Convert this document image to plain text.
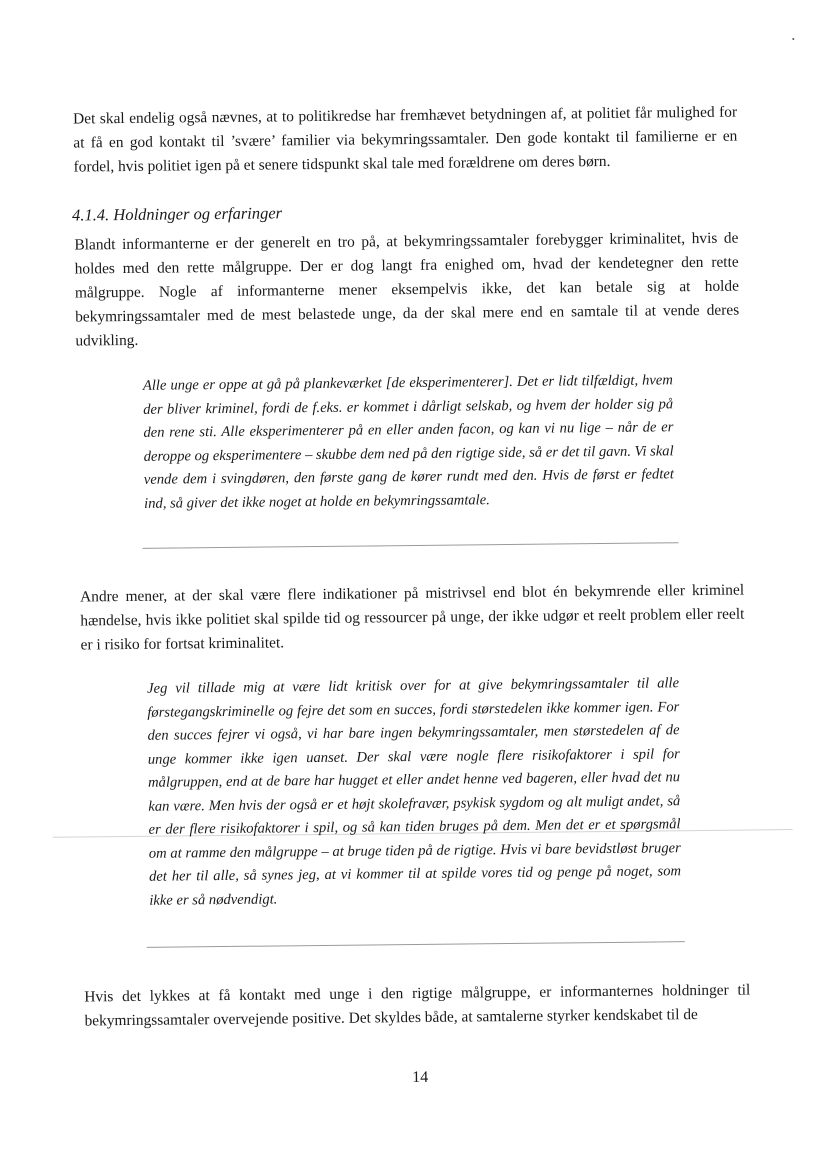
Det skal endelig også nævnes, at to politikredse har fremhævet betydningen af, at politiet får mulighed for at få en god kontakt til ’svære’ familier via bekymringssamtaler. Den gode kontakt til familierne er en fordel, hvis politiet igen på et senere tidspunkt skal tale med forældrene om deres børn.

4.1.4. Holdninger og erfaringer

Blandt informanterne er der generelt en tro på, at bekymringssamtaler forebygger kriminalitet, hvis de holdes med den rette målgruppe. Der er dog langt fra enighed om, hvad der kendetegner den rette målgruppe. Nogle af informanterne mener eksempelvis ikke, det kan betale sig at holde bekymringssamtaler med de mest belastede unge, da der skal mere end en samtale til at vende deres udvikling.

Alle unge er oppe at gå på plankeværket [de eksperimenterer]. Det er lidt tilfældigt, hvem der bliver kriminel, fordi de f.eks. er kommet i dårligt selskab, og hvem der holder sig på den rene sti. Alle eksperimenterer på en eller anden facon, og kan vi nu lige – når de er deroppe og eksperimentere – skubbe dem ned på den rigtige side, så er det til gavn. Vi skal vende dem i svingdøren, den første gang de kører rundt med den. Hvis de først er fedtet ind, så giver det ikke noget at holde en bekymringssamtale.

Andre mener, at der skal være flere indikationer på mistrivsel end blot én bekymrende eller kriminel hændelse, hvis ikke politiet skal spilde tid og ressourcer på unge, der ikke udgør et reelt problem eller reelt er i risiko for fortsat kriminalitet.

Jeg vil tillade mig at være lidt kritisk over for at give bekymringssamtaler til alle førstegangskriminelle og fejre det som en succes, fordi størstedelen ikke kommer igen. For den succes fejrer vi også, vi har bare ingen bekymringssamtaler, men størstedelen af de unge kommer ikke igen uanset. Der skal være nogle flere risikofaktorer i spil for målgruppen, end at de bare har hugget et eller andet henne ved bageren, eller hvad det nu kan være. Men hvis der også er et højt skolefravær, psykisk sygdom og alt muligt andet, så er der flere risikofaktorer i spil, og så kan tiden bruges på dem. Men det er et spørgsmål om at ramme den målgruppe – at bruge tiden på de rigtige. Hvis vi bare bevidstløst bruger det her til alle, så synes jeg, at vi kommer til at spilde vores tid og penge på noget, som ikke er så nødvendigt.

Hvis det lykkes at få kontakt med unge i den rigtige målgruppe, er informanternes holdninger til bekymringssamtaler overvejende positive. Det skyldes både, at samtalerne styrker kendskabet til de

14
